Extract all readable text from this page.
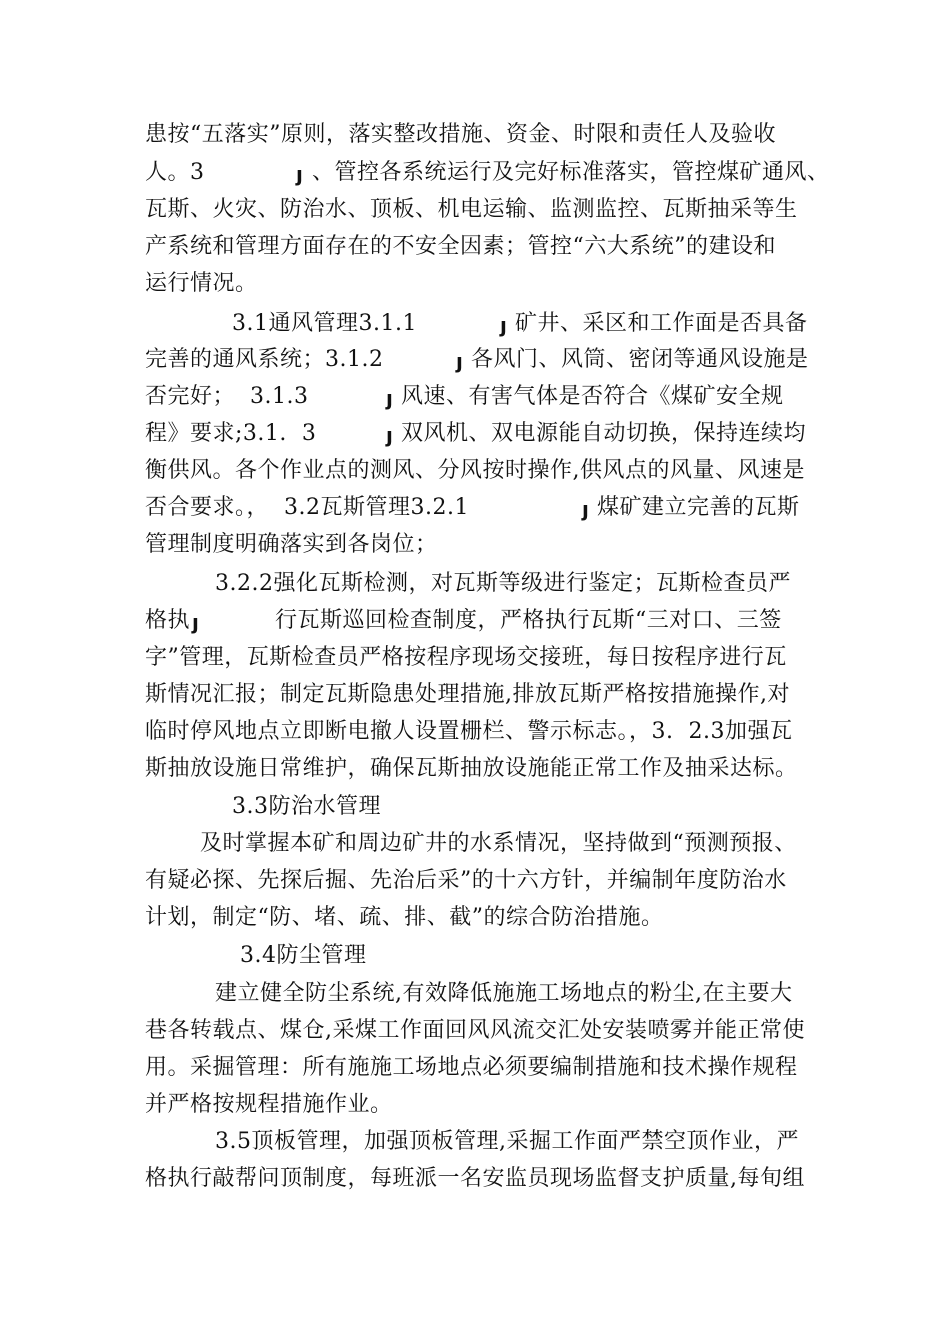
患按“五落实”原则，落实整改措施、资金、时限和责任人及验收
人。3 ȷ 、管控各系统运行及完好标准落实，管控煤矿通风、
瓦斯、火灾、防治水、顶板、机电运输、监测监控、瓦斯抽采等生
产系统和管理方面存在的不安全因素；管控“六大系统”的建设和
运行情况。
3.1通风管理3.1.1	ȷ 矿井、采区和工作面是否具备
完善的通风系统；3.1.2	ȷ 各风门、风筒、密闭等通风设施是
否完好；  3.1.3	ȷ 风速、有害气体是否符合《煤矿安全规
程》要求;3.1.  3	ȷ 双风机、双电源能自动切换，保持连续均
衡供风。各个作业点的测风、分风按时操作,供风点的风量、风速是
否合要求。，  3.2瓦斯管理3.2.1	ȷ 煤矿建立完善的瓦斯
管理制度明确落实到各岗位；
3.2.2强化瓦斯检测，对瓦斯等级进行鉴定；瓦斯检查员严
格执 ȷ	行瓦斯巡回检查制度，严格执行瓦斯“三对口、三签
字”管理，瓦斯检查员严格按程序现场交接班，每日按程序进行瓦
斯情况汇报；制定瓦斯隐患处理措施,排放瓦斯严格按措施操作,对
临时停风地点立即断电撤人设置栅栏、警示标志。，3.  2.3加强瓦
斯抽放设施日常维护，确保瓦斯抽放设施能正常工作及抽采达标。
3.3防治水管理
及时掌握本矿和周边矿井的水系情况，坚持做到“预测预报、
有疑必探、先探后掘、先治后采”的十六方针，并编制年度防治水
计划，制定“防、堵、疏、排、截”的综合防治措施。
3.4防尘管理
建立健全防尘系统,有效降低施施工场地点的粉尘,在主要大
巷各转载点、煤仓,采煤工作面回风风流交汇处安装喷雾并能正常使
用。采掘管理：所有施施工场地点必须要编制措施和技术操作规程
并严格按规程措施作业。
3.5顶板管理，加强顶板管理,采掘工作面严禁空顶作业，严
格执行敲帮问顶制度，每班派一名安监员现场监督支护质量,每旬组
